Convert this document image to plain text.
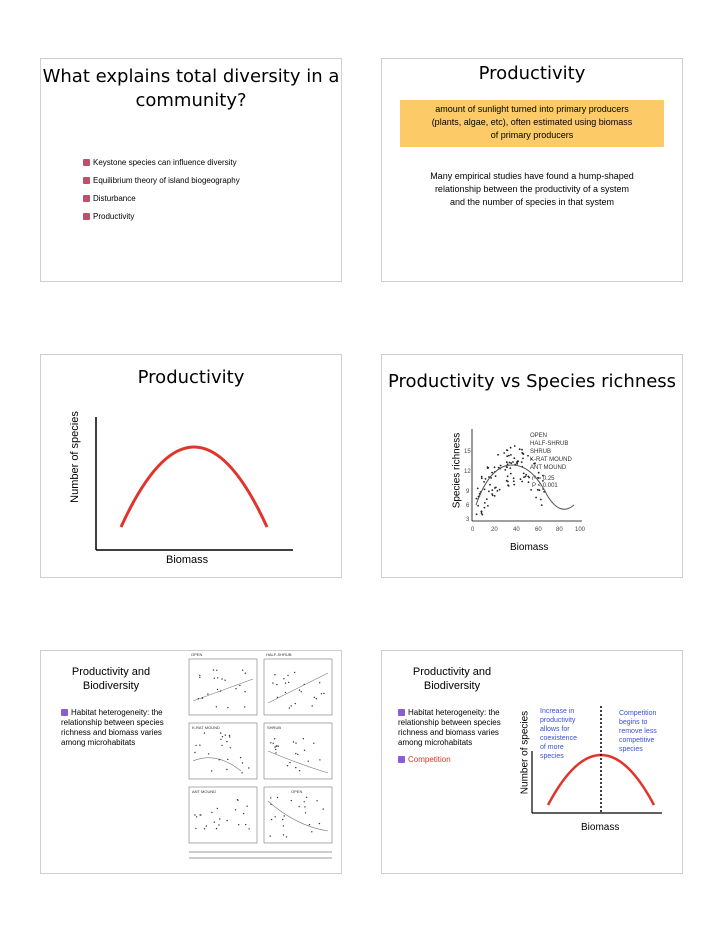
What explains total diversity in a
community?
Keystone species can influence diversity
Equilibrium theory of island biogeography
Disturbance
Productivity
Productivity
amount of sunlight turned into primary producers
(plants, algae, etc), often estimated using biomass
of primary producers
Many empirical studies have found a hump-shaped
relationship between the productivity of a system
and the number of species in that system
Productivity
Number of species
Biomass
Productivity vs Species richness
15
12
9
6
3
0	20	40	60 80 100
OPEN
HALF-SHRUB
SHRUB
K-RAT MOUND
ANT MOUND
r² = 0.25
P < 0.001
Species richness
Biomass
Productivity and
Biodiversity
Habitat heterogeneity: the
relationship between species
richness and biomass varies
among microhabitats
OPEN	HALF-SHRUB
K-RAT MOUND	SHRUB
ANT MOUND	OPEN
Productivity and
Biodiversity
Habitat heterogeneity: the
relationship between species
richness and biomass varies
among microhabitats
Competition
Increase in
productivity
allows for
coexistence
of more
species
Competition
begins to
remove less
competitive
species
Number of species
Biomass
